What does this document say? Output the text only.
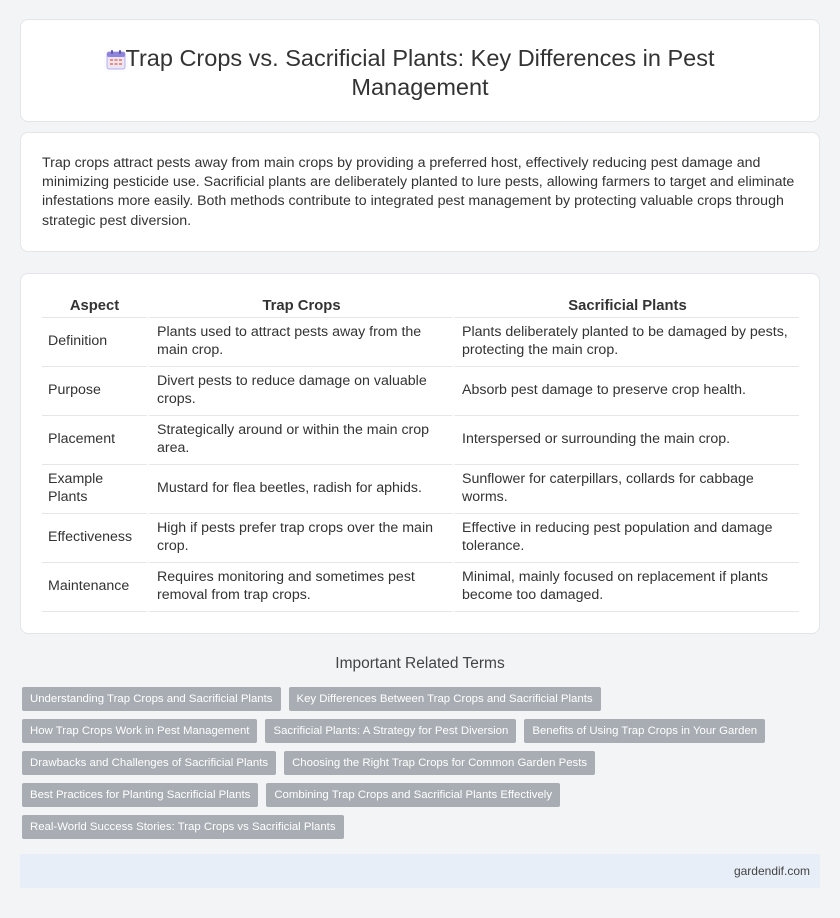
Trap Crops vs. Sacrificial Plants: Key Differences in Pest Management

Trap crops attract pests away from main crops by providing a preferred host, effectively reducing pest damage and minimizing pesticide use. Sacrificial plants are deliberately planted to lure pests, allowing farmers to target and eliminate infestations more easily. Both methods contribute to integrated pest management by protecting valuable crops through strategic pest diversion.

Aspect	Trap Crops	Sacrificial Plants
Definition	Plants used to attract pests away from the main crop.	Plants deliberately planted to be damaged by pests, protecting the main crop.
Purpose	Divert pests to reduce damage on valuable crops.	Absorb pest damage to preserve crop health.
Placement	Strategically around or within the main crop area.	Interspersed or surrounding the main crop.
Example Plants	Mustard for flea beetles, radish for aphids.	Sunflower for caterpillars, collards for cabbage worms.
Effectiveness	High if pests prefer trap crops over the main crop.	Effective in reducing pest population and damage tolerance.
Maintenance	Requires monitoring and sometimes pest removal from trap crops.	Minimal, mainly focused on replacement if plants become too damaged.
Important Related Terms
Understanding Trap Crops and Sacrificial Plants	Key Differences Between Trap Crops and Sacrificial Plants
How Trap Crops Work in Pest Management	Sacrificial Plants: A Strategy for Pest Diversion	Benefits of Using Trap Crops in Your Garden
Drawbacks and Challenges of Sacrificial Plants	Choosing the Right Trap Crops for Common Garden Pests
Best Practices for Planting Sacrificial Plants	Combining Trap Crops and Sacrificial Plants Effectively
Real-World Success Stories: Trap Crops vs Sacrificial Plants
gardendif.com
